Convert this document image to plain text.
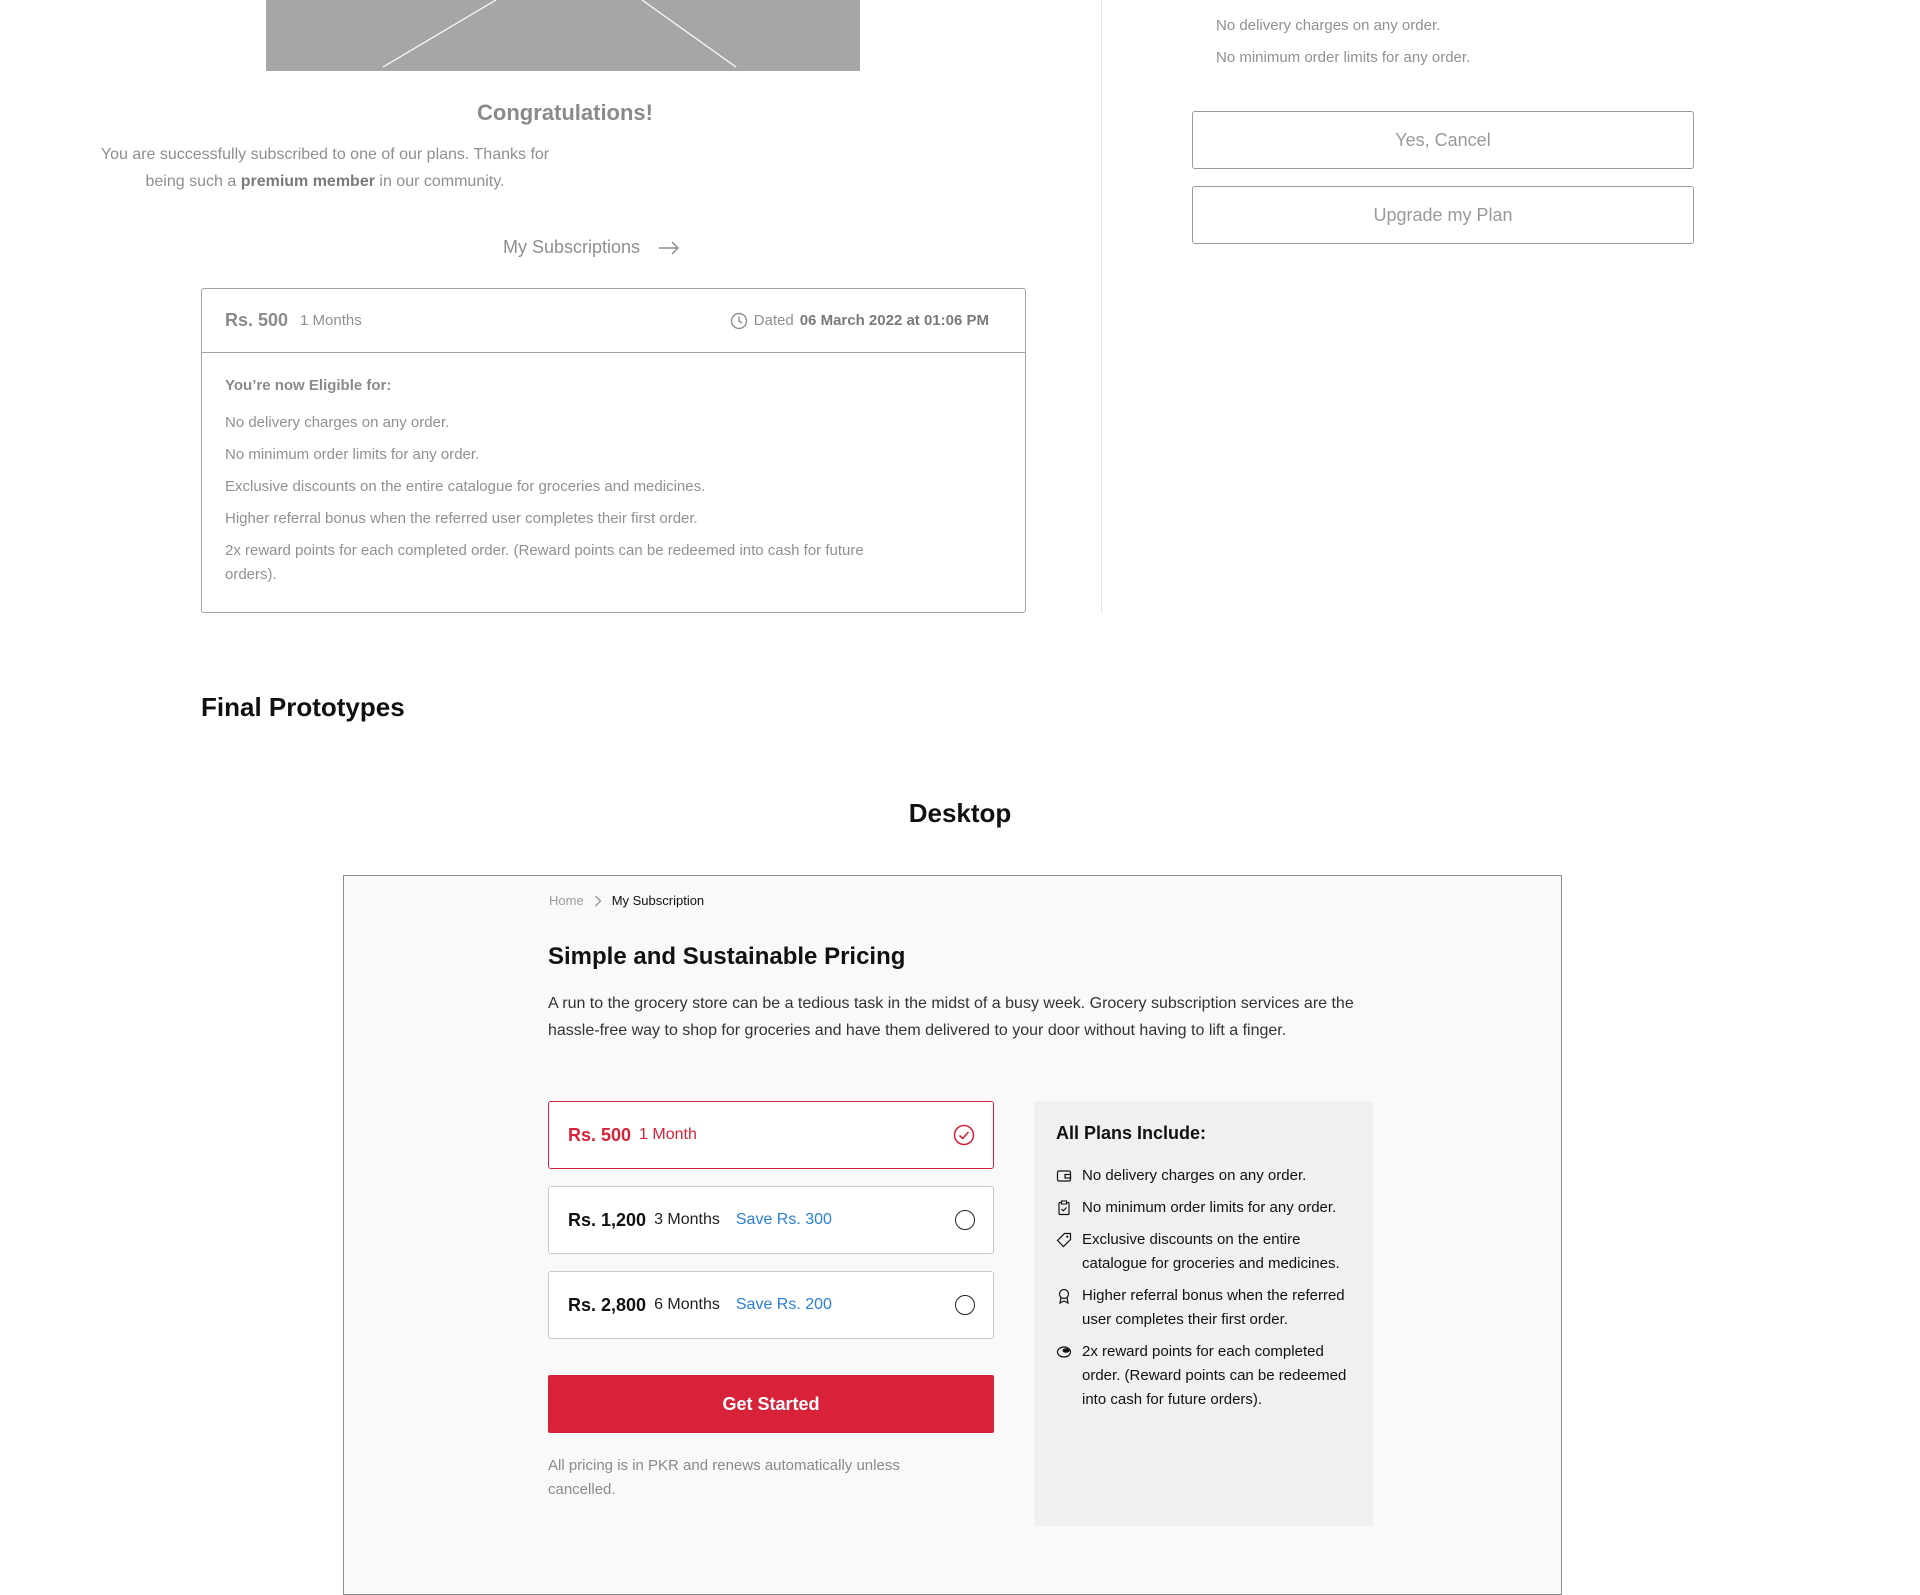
Congratulations!
You are successfully subscribed to one of our plans. Thanks for being such a premium member in our community.
My Subscriptions
Rs. 500 1 Months	Dated 06 March 2022 at 01:06 PM
You’re now Eligible for:
No delivery charges on any order.
No minimum order limits for any order.
Exclusive discounts on the entire catalogue for groceries and medicines.
Higher referral bonus when the referred user completes their first order.
2x reward points for each completed order. (Reward points can be redeemed into cash for future orders).
No delivery charges on any order.
No minimum order limits for any order.
Yes, Cancel
Upgrade my Plan
Final Prototypes
Desktop
Home My Subscription
Simple and Sustainable Pricing
A run to the grocery store can be a tedious task in the midst of a busy week. Grocery subscription services are the hassle-free way to shop for groceries and have them delivered to your door without having to lift a finger.
Rs. 500 1 Month
Rs. 1,200 3 Months Save Rs. 300
Rs. 2,800 6 Months Save Rs. 200
Get Started
All pricing is in PKR and renews automatically unless cancelled.
All Plans Include:
No delivery charges on any order.
No minimum order limits for any order.
Exclusive discounts on the entire catalogue for groceries and medicines.
Higher referral bonus when the referred user completes their first order.
2x reward points for each completed order. (Reward points can be redeemed into cash for future orders).
